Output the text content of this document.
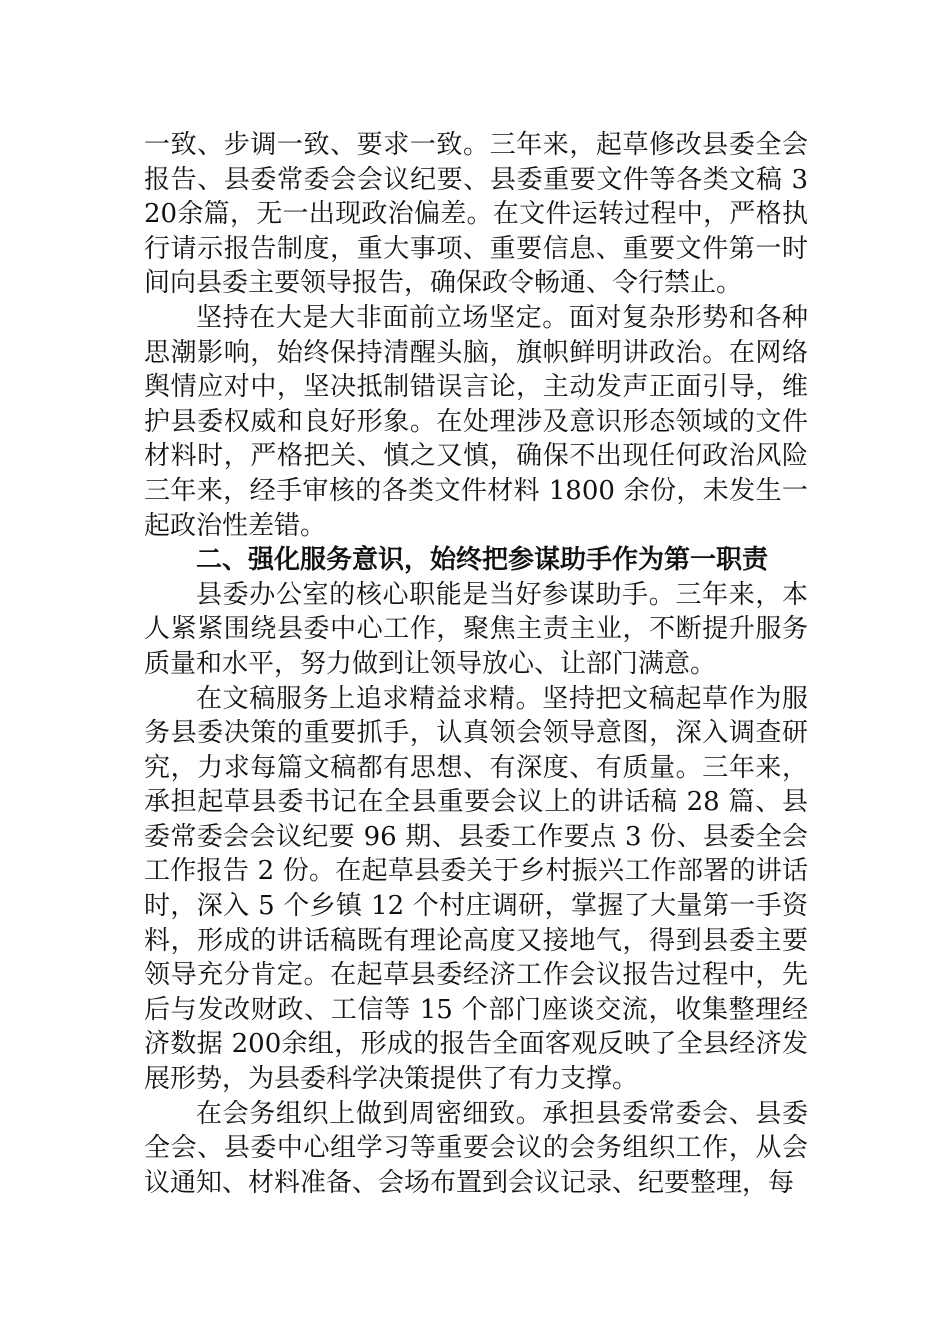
一致、步调一致、要求一致。三年来，起草修改县委全会报告、县委常委会会议纪要、县委重要文件等各类文稿 320余篇，无一出现政治偏差。在文件运转过程中，严格执行请示报告制度，重大事项、重要信息、重要文件第一时间向县委主要领导报告，确保政令畅通、令行禁止。

坚持在大是大非面前立场坚定。面对复杂形势和各种思潮影响，始终保持清醒头脑，旗帜鲜明讲政治。在网络舆情应对中，坚决抵制错误言论，主动发声正面引导，维护县委权威和良好形象。在处理涉及意识形态领域的文件材料时，严格把关、慎之又慎，确保不出现任何政治风险三年来，经手审核的各类文件材料 1800 余份，未发生一起政治性差错。

二、强化服务意识，始终把参谋助手作为第一职责

县委办公室的核心职能是当好参谋助手。三年来，本人紧紧围绕县委中心工作，聚焦主责主业，不断提升服务质量和水平，努力做到让领导放心、让部门满意。

在文稿服务上追求精益求精。坚持把文稿起草作为服务县委决策的重要抓手，认真领会领导意图，深入调查研究，力求每篇文稿都有思想、有深度、有质量。三年来，承担起草县委书记在全县重要会议上的讲话稿 28 篇、县委常委会会议纪要 96 期、县委工作要点 3 份、县委全会工作报告 2 份。在起草县委关于乡村振兴工作部署的讲话时，深入 5 个乡镇 12 个村庄调研，掌握了大量第一手资料，形成的讲话稿既有理论高度又接地气，得到县委主要领导充分肯定。在起草县委经济工作会议报告过程中，先后与发改财政、工信等 15 个部门座谈交流，收集整理经济数据 200余组，形成的报告全面客观反映了全县经济发展形势，为县委科学决策提供了有力支撑。

在会务组织上做到周密细致。承担县委常委会、县委全会、县委中心组学习等重要会议的会务组织工作，从会议通知、材料准备、会场布置到会议记录、纪要整理，每
